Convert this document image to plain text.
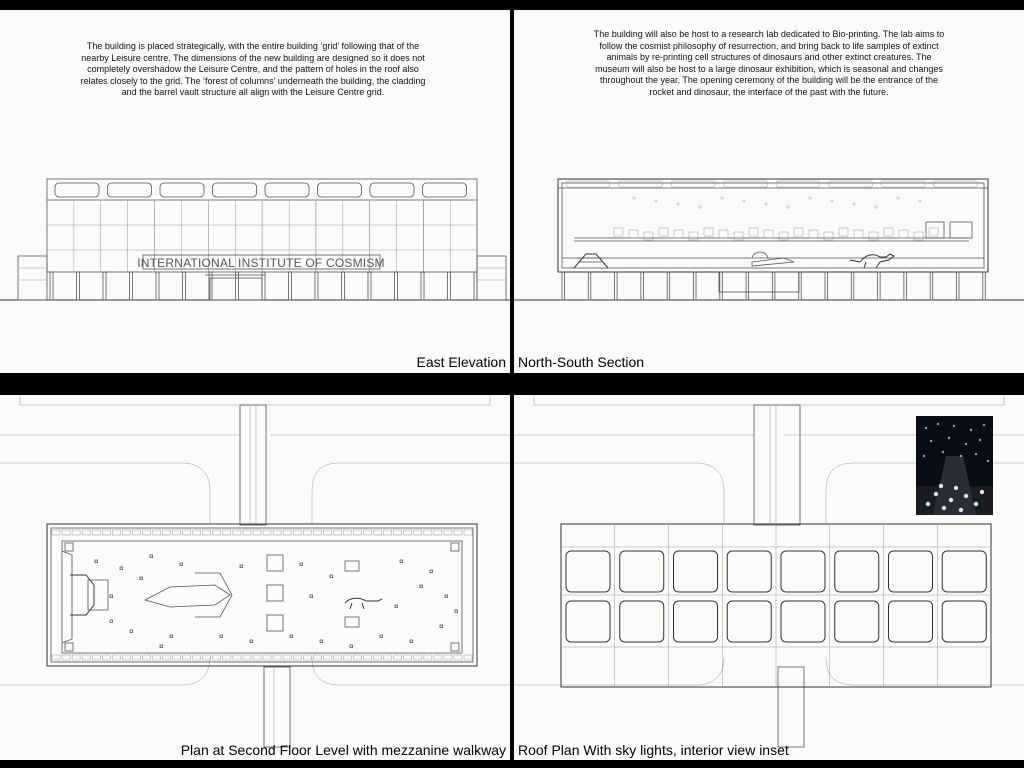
The building is placed strategically, with the entire building ‘grid’ following that of the
nearby Leisure centre. The dimensions of the new building are designed so it does not
completely overshadow the Leisure Centre, and the pattern of holes in the roof also
relates closely to the grid. The ‘forest of columns’ underneath the building, the cladding
and the barrel vault structure all align with the Leisure Centre grid.
INTERNATIONAL INSTITUTE OF COSMISM
East Elevation
The building will also be host to a research lab dedicated to Bio-printing. The lab aims to
follow the cosmist philosophy of resurrection, and bring back to life samples of extinct
animals by re-printing cell structures of dinosaurs and other extinct creatures. The
museum will also be host to a large dinosaur exhibition, which is seasonal and changes
throughout the year. The opening ceremony of the building will be the entrance of the
rocket and dinosaur, the interface of the past with the future.
North-South Section
Plan at Second Floor Level with mezzanine walkway Roof Plan With sky lights, interior view inset
